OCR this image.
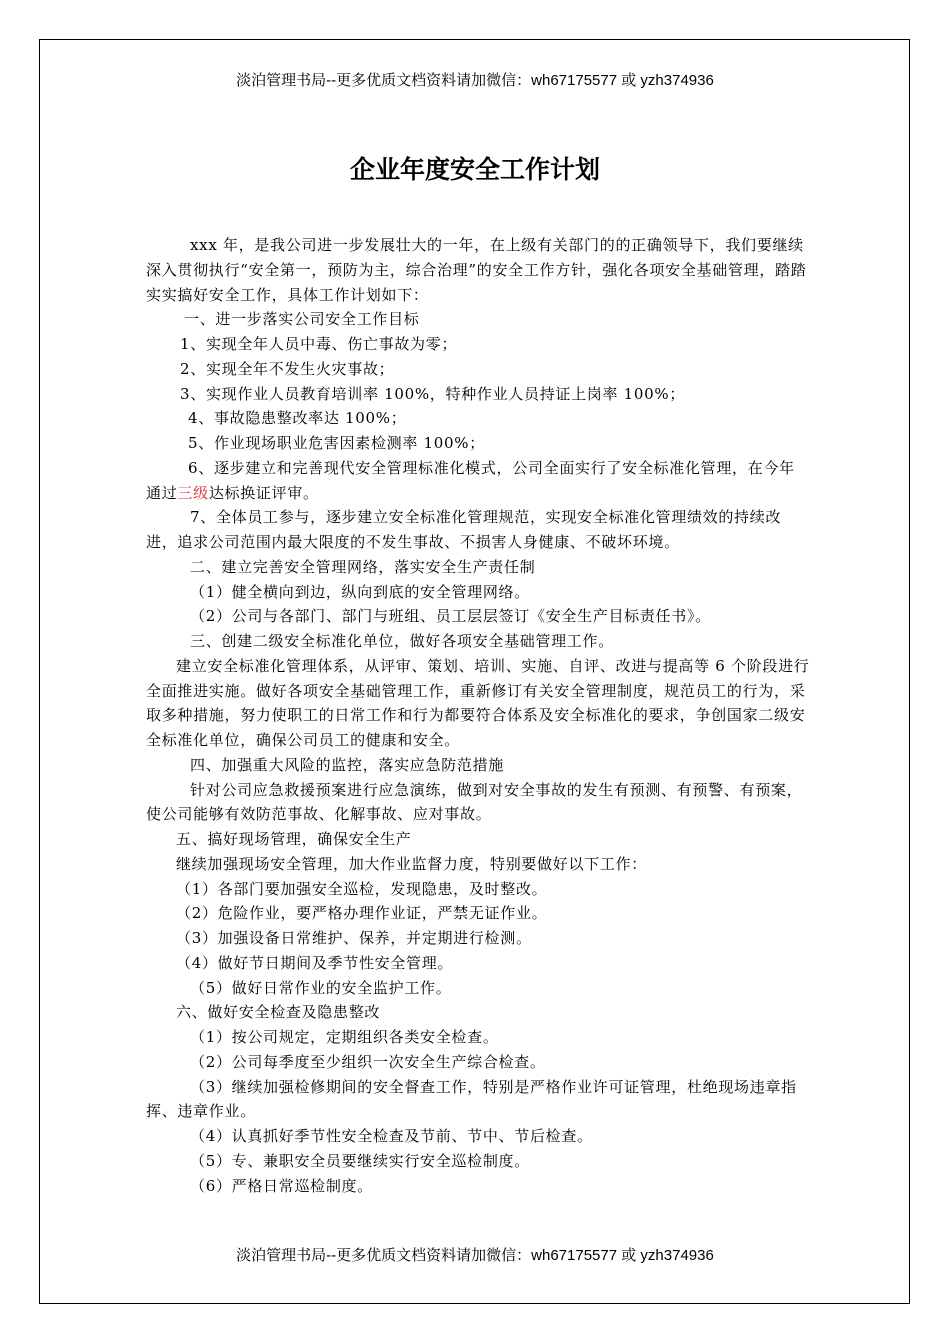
淡泊管理书局--更多优质文档资料请加微信：wh67175577 或 yzh374936
企业年度安全工作计划

xxx 年，是我公司进一步发展壮大的一年，在上级有关部门的的正确领导下，我们要继续深入贯彻执行“安全第一，预防为主，综合治理”的安全工作方针，强化各项安全基础管理，踏踏实实搞好安全工作，具体工作计划如下：

一、进一步落实公司安全工作目标

1、实现全年人员中毒、伤亡事故为零；

2、实现全年不发生火灾事故；

3、实现作业人员教育培训率 100%，特种作业人员持证上岗率 100%；

4、事故隐患整改率达 100%；

5、作业现场职业危害因素检测率 100%；

6、逐步建立和完善现代安全管理标准化模式，公司全面实行了安全标准化管理，在今年通过三级达标换证评审。

7、全体员工参与，逐步建立安全标准化管理规范，实现安全标准化管理绩效的持续改进，追求公司范围内最大限度的不发生事故、不损害人身健康、不破坏环境。

二、建立完善安全管理网络，落实安全生产责任制

（1）健全横向到边，纵向到底的安全管理网络。

（2）公司与各部门、部门与班组、员工层层签订《安全生产目标责任书》。

三、创建二级安全标准化单位，做好各项安全基础管理工作。

建立安全标准化管理体系，从评审、策划、培训、实施、自评、改进与提高等 6 个阶段进行全面推进实施。做好各项安全基础管理工作，重新修订有关安全管理制度，规范员工的行为，采取多种措施，努力使职工的日常工作和行为都要符合体系及安全标准化的要求，争创国家二级安全标准化单位，确保公司员工的健康和安全。

四、加强重大风险的监控，落实应急防范措施

针对公司应急救援预案进行应急演练，做到对安全事故的发生有预测、有预警、有预案，使公司能够有效防范事故、化解事故、应对事故。

五、搞好现场管理，确保安全生产

继续加强现场安全管理，加大作业监督力度，特别要做好以下工作：

（1）各部门要加强安全巡检，发现隐患，及时整改。

（2）危险作业，要严格办理作业证，严禁无证作业。

（3）加强设备日常维护、保养，并定期进行检测。

（4）做好节日期间及季节性安全管理。

（5）做好日常作业的安全监护工作。

六、做好安全检查及隐患整改

（1）按公司规定，定期组织各类安全检查。

（2）公司每季度至少组织一次安全生产综合检查。

（3）继续加强检修期间的安全督查工作，特别是严格作业许可证管理，杜绝现场违章指挥、违章作业。

（4）认真抓好季节性安全检查及节前、节中、节后检查。

（5）专、兼职安全员要继续实行安全巡检制度。

（6）严格日常巡检制度。

淡泊管理书局--更多优质文档资料请加微信：wh67175577 或 yzh374936
